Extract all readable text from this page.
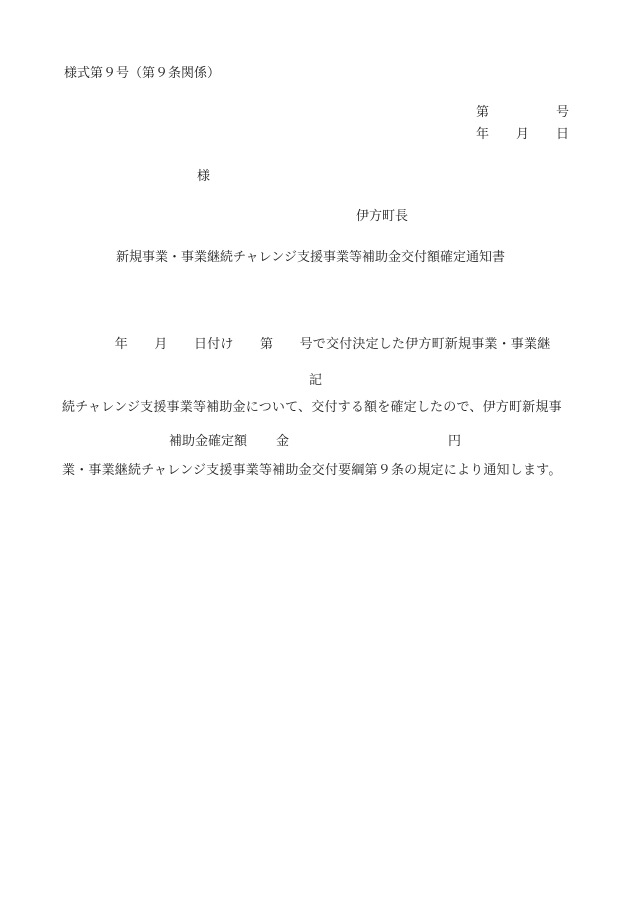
様式第９号（第９条関係）
第	号
年 月 日
様
伊方町長
新規事業・事業継続チャレンジ支援事業等補助金交付額確定通知書

　　　　年　　月　　日付け　　第　　号で交付決定した伊方町新規事業・事業継

続チャレンジ支援事業等補助金について、交付する額を確定したので、伊方町新規事

業・事業継続チャレンジ支援事業等補助金交付要綱第９条の規定により通知します。

記
補助金確定額 金	円
